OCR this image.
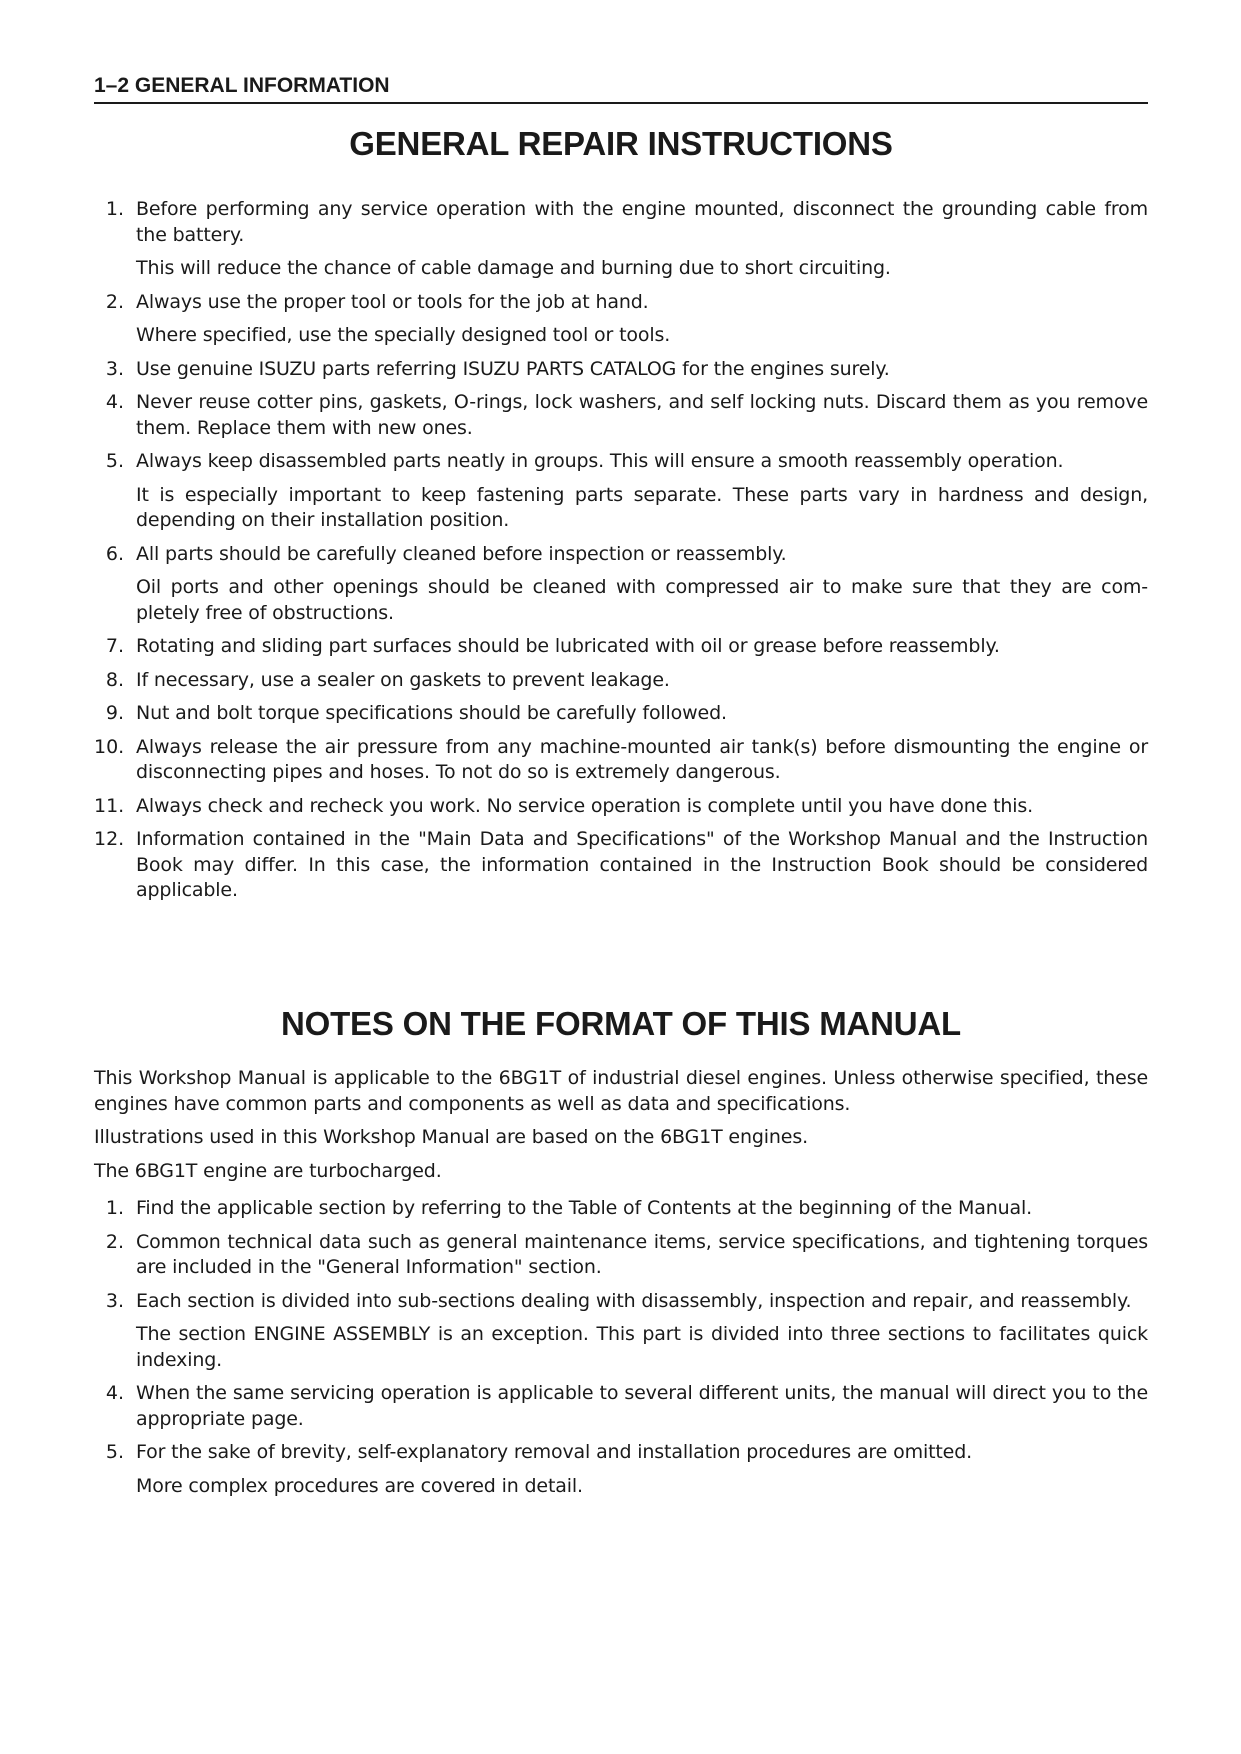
1–2 GENERAL INFORMATION
GENERAL REPAIR INSTRUCTIONS
1. Before performing any service operation with the engine mounted, disconnect the grounding cable from the battery.

This will reduce the chance of cable damage and burning due to short circuiting.

2. Always use the proper tool or tools for the job at hand.

Where specified, use the specially designed tool or tools.

3. Use genuine ISUZU parts referring ISUZU PARTS CATALOG for the engines surely.

4. Never reuse cotter pins, gaskets, O-rings, lock washers, and self locking nuts. Discard them as you remove them. Replace them with new ones.

5. Always keep disassembled parts neatly in groups. This will ensure a smooth reassembly operation.

It is especially important to keep fastening parts separate. These parts vary in hardness and design, depending on their installation position.

6. All parts should be carefully cleaned before inspection or reassembly.

Oil ports and other openings should be cleaned with compressed air to make sure that they are com-pletely free of obstructions.

7. Rotating and sliding part surfaces should be lubricated with oil or grease before reassembly.

8. If necessary, use a sealer on gaskets to prevent leakage.

9. Nut and bolt torque specifications should be carefully followed.

10. Always release the air pressure from any machine-mounted air tank(s) before dismounting the engine or disconnecting pipes and hoses. To not do so is extremely dangerous.

11. Always check and recheck you work. No service operation is complete until you have done this.

12. Information contained in the "Main Data and Specifications" of the Workshop Manual and the Instruction Book may differ. In this case, the information contained in the Instruction Book should be considered applicable.

NOTES ON THE FORMAT OF THIS MANUAL

This Workshop Manual is applicable to the 6BG1T of industrial diesel engines. Unless otherwise specified, these engines have common parts and components as well as data and specifications.

Illustrations used in this Workshop Manual are based on the 6BG1T engines.

The 6BG1T engine are turbocharged.

1. Find the applicable section by referring to the Table of Contents at the beginning of the Manual.

2. Common technical data such as general maintenance items, service specifications, and tightening torques are included in the "General Information" section.

3. Each section is divided into sub-sections dealing with disassembly, inspection and repair, and reassembly.

The section ENGINE ASSEMBLY is an exception. This part is divided into three sections to facilitates quick indexing.

4. When the same servicing operation is applicable to several different units, the manual will direct you to the appropriate page.

5. For the sake of brevity, self-explanatory removal and installation procedures are omitted.

More complex procedures are covered in detail.
